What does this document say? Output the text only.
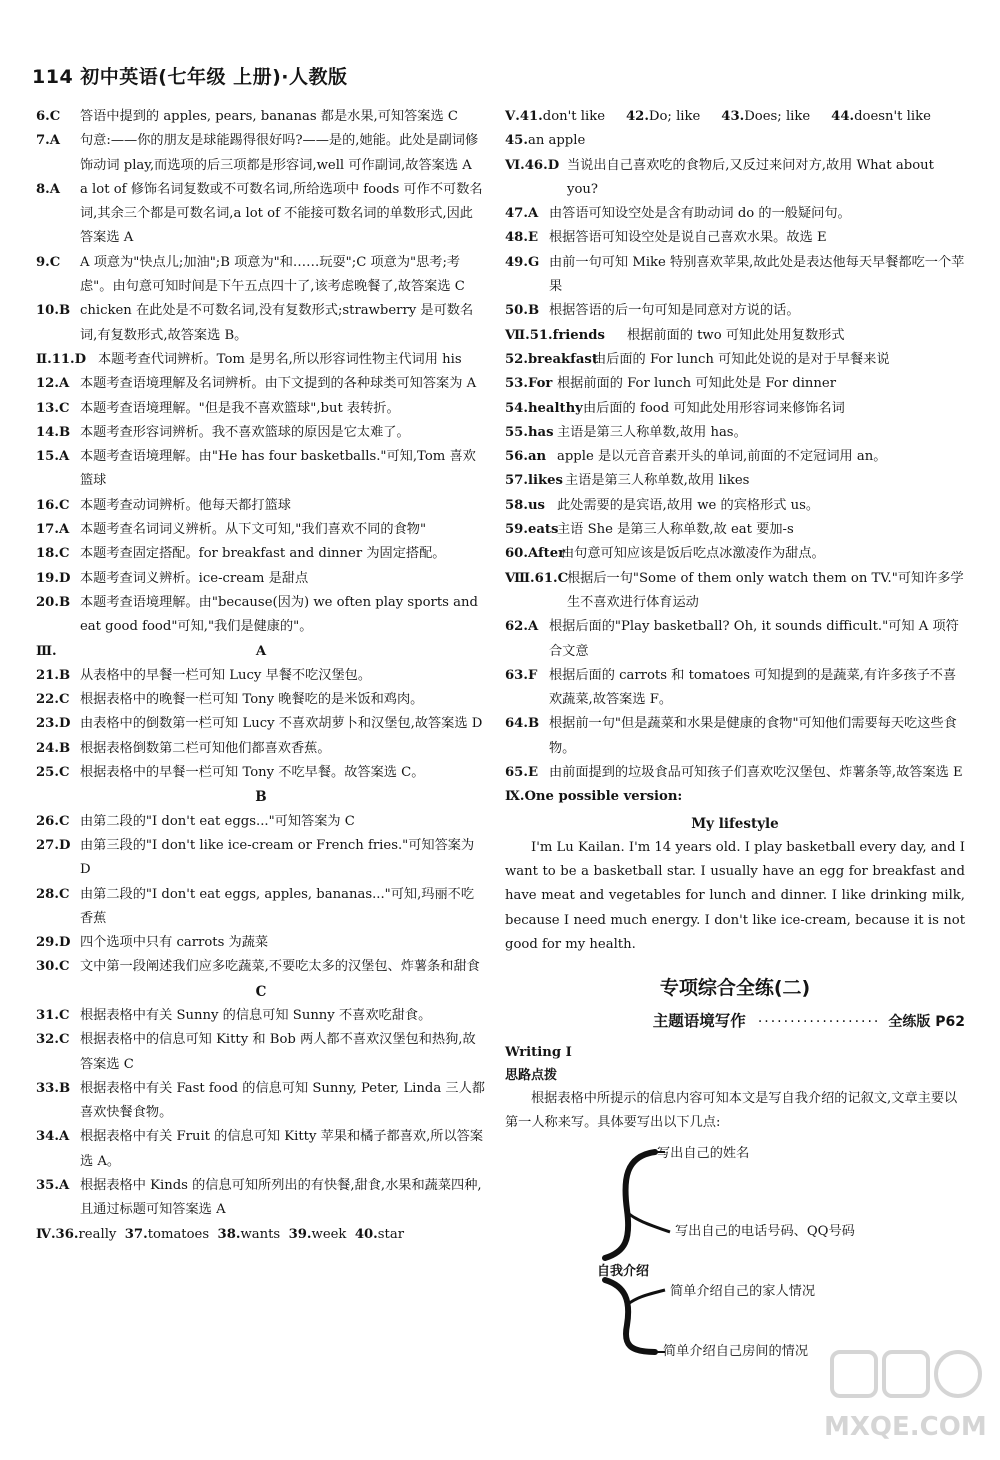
114 初中英语(七年级 上册)·人教版
6.C 答语中提到的 apples, pears, bananas 都是水果,可知答案选 C
7.A 句意:——你的朋友是球能踢得很好吗?——是的,她能。此处是副词修饰动词 play,而选项的后三项都是形容词,well 可作副词,故答案选 A
8.A a lot of 修饰名词复数或不可数名词,所给选项中 foods 可作不可数名词,其余三个都是可数名词,a lot of 不能接可数名词的单数形式,因此答案选 A
9.C A 项意为"快点儿;加油";B 项意为"和……玩耍";C 项意为"思考;考虑"。由句意可知时间是下午五点四十了,该考虑晚餐了,故答案选 C
10.B chicken 在此处是不可数名词,没有复数形式;strawberry 是可数名词,有复数形式,故答案选 B。
Ⅱ.11.D 本题考查代词辨析。Tom 是男名,所以形容词性物主代词用 his
12.A 本题考查语境理解及名词辨析。由下文提到的各种球类可知答案为 A
13.C 本题考查语境理解。"但是我不喜欢篮球",but 表转折。
14.B 本题考查形容词辨析。我不喜欢篮球的原因是它太难了。
15.A 本题考查语境理解。由"He has four basketballs."可知,Tom 喜欢篮球
16.C 本题考查动词辨析。他每天都打篮球
17.A 本题考查名词词义辨析。从下文可知,"我们喜欢不同的食物"
18.C 本题考查固定搭配。for breakfast and dinner 为固定搭配。
19.D 本题考查词义辨析。ice-cream 是甜点
20.B 本题考查语境理解。由"because(因为) we often play sports and eat good food"可知,"我们是健康的"。
Ⅲ.	A
21.B 从表格中的早餐一栏可知 Lucy 早餐不吃汉堡包。
22.C 根据表格中的晚餐一栏可知 Tony 晚餐吃的是米饭和鸡肉。
23.D 由表格中的倒数第一栏可知 Lucy 不喜欢胡萝卜和汉堡包,故答案选 D
24.B 根据表格倒数第二栏可知他们都喜欢香蕉。
25.C 根据表格中的早餐一栏可知 Tony 不吃早餐。故答案选 C。
B
26.C 由第二段的"I don't eat eggs..."可知答案为 C
27.D 由第三段的"I don't like ice-cream or French fries."可知答案为 D
28.C 由第二段的"I don't eat eggs, apples, bananas..."可知,玛丽不吃香蕉
29.D 四个选项中只有 carrots 为蔬菜
30.C 文中第一段阐述我们应多吃蔬菜,不要吃太多的汉堡包、炸薯条和甜食
C
31.C 根据表格中有关 Sunny 的信息可知 Sunny 不喜欢吃甜食。
32.C 根据表格中的信息可知 Kitty 和 Bob 两人都不喜欢汉堡包和热狗,故答案选 C
33.B 根据表格中有关 Fast food 的信息可知 Sunny, Peter, Linda 三人都喜欢快餐食物。
34.A 根据表格中有关 Fruit 的信息可知 Kitty 苹果和橘子都喜欢,所以答案选 A。
35.A 根据表格中 Kinds 的信息可知所列出的有快餐,甜食,水果和蔬菜四种,且通过标题可知答案选 A
Ⅳ.36.really  37.tomatoes  38.wants  39.week  40.star
Ⅴ.41.don't like     42.Do; like     43.Does; like     44.doesn't like
45.an apple
Ⅵ.46.D 当说出自己喜欢吃的食物后,又反过来问对方,故用 What about you?
47.A 由答语可知设空处是含有助动词 do 的一般疑问句。
48.E 根据答语可知设空处是说自己喜欢水果。故选 E
49.G 由前一句可知 Mike 特别喜欢苹果,故此处是表达他每天早餐都吃一个苹果
50.B 根据答语的后一句可知是同意对方说的话。
Ⅶ.51.friends 根据前面的 two 可知此处用复数形式
52.breakfast
由后面的 For lunch 可知此处说的是对于早餐来说
53.For 根据前面的 For lunch 可知此处是 For dinner
54.healthy 由后面的 food 可知此处用形容词来修饰名词
55.has 主语是第三人称单数,故用 has。
56.an apple 是以元音音素开头的单词,前面的不定冠词用 an。
57.likes 主语是第三人称单数,故用 likes
58.us 此处需要的是宾语,故用 we 的宾格形式 us。
59.eats
主语 She 是第三人称单数,故 eat 要加-s
60.After
由句意可知应该是饭后吃点冰激凌作为甜点。
Ⅷ.61.C
根据后一句"Some of them only watch them on TV."可知许多学生不喜欢进行体育运动
62.A 根据后面的"Play basketball? Oh, it sounds difficult."可知 A 项符合文意
63.F 根据后面的 carrots 和 tomatoes 可知提到的是蔬菜,有许多孩子不喜欢蔬菜,故答案选 F。
64.B 根据前一句"但是蔬菜和水果是健康的食物"可知他们需要每天吃这些食物。
65.E 由前面提到的垃圾食品可知孩子们喜欢吃汉堡包、炸薯条等,故答案选 E
Ⅸ.One possible version:
My lifestyle

I'm Lu Kailan. I'm 14 years old. I play basketball every day, and I want to be a basketball star. I usually have an egg for breakfast and have meat and vegetables for lunch and dinner. I like drinking milk, because I need much energy. I don't like ice-cream, because it is not good for my health.

专项综合全练(二)
主题语境写作 ··················· 全练版 P62
Writing Ⅰ
思路点拨

根据表格中所提示的信息内容可知本文是写自我介绍的记叙文,文章主要以第一人称来写。具体要写出以下几点:

自我介绍
写出自己的姓名
写出自己的电话号码、QQ号码
简单介绍自己的家人情况
简单介绍自己房间的情况
MXQE.COM
